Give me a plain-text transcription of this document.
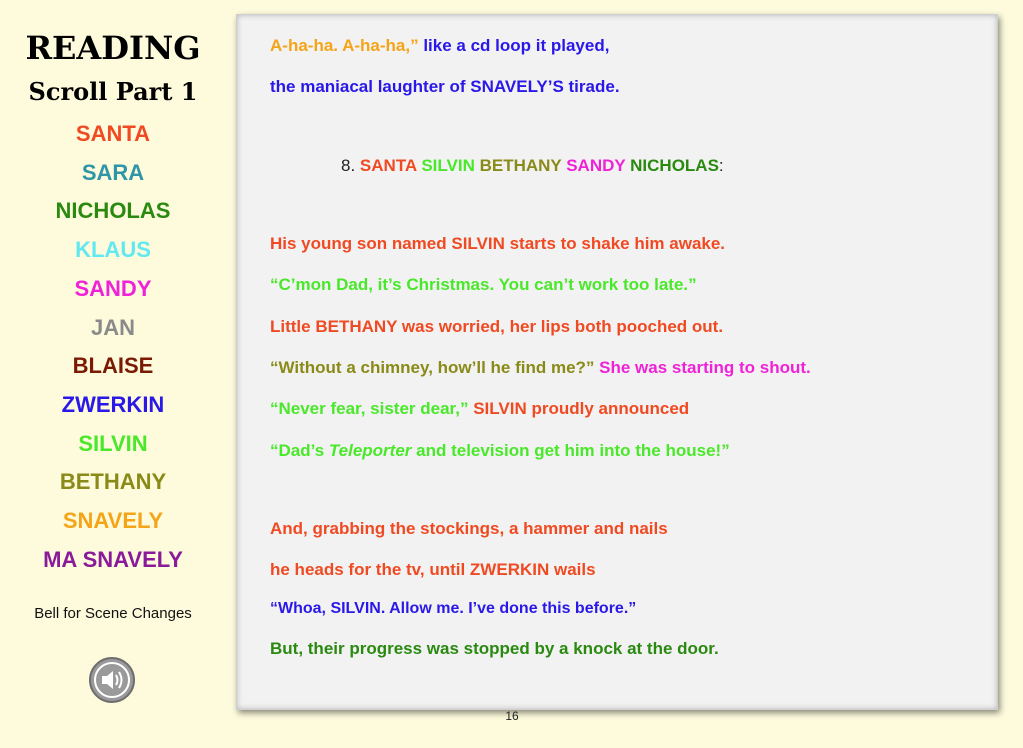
READING
Scroll Part 1
SANTA
SARA
NICHOLAS
KLAUS
SANDY
JAN
BLAISE
ZWERKIN
SILVIN
BETHANY
SNAVELY
MA SNAVELY
Bell for Scene Changes
A-ha-ha. A-ha-ha,” like a cd loop it played,
the maniacal laughter of SNAVELY’S tirade.
8. SANTA SILVIN BETHANY SANDY NICHOLAS:
His young son named SILVIN starts to shake him awake.
“C’mon Dad, it’s Christmas. You can’t work too late.”
Little BETHANY was worried, her lips both pooched out.
“Without a chimney, how’ll he find me?” She was starting to shout.
“Never fear, sister dear,” SILVIN proudly announced
“Dad’s Teleporter and television get him into the house!”
And, grabbing the stockings, a hammer and nails
he heads for the tv, until ZWERKIN wails
“Whoa, SILVIN. Allow me. I’ve done this before.”
But, their progress was stopped by a knock at the door.
16
